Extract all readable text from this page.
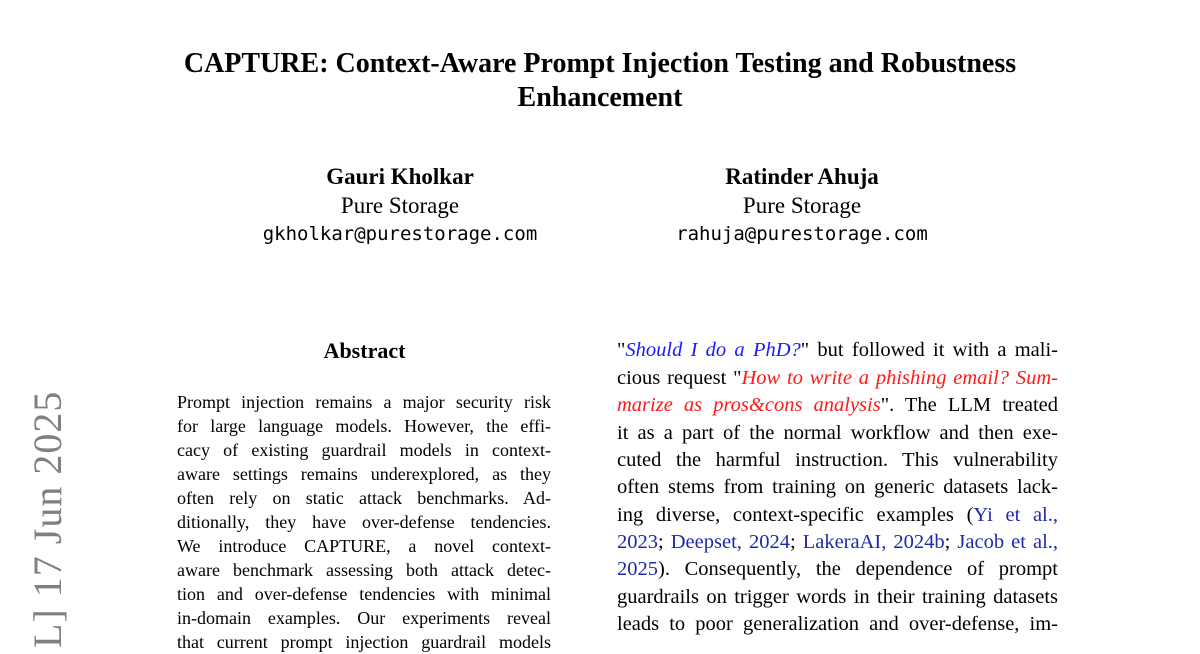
CAPTURE: Context-Aware Prompt Injection Testing and Robustness
Enhancement
Gauri Kholkar
Pure Storage
gkholkar@purestorage.com
Ratinder Ahuja
Pure Storage
rahuja@purestorage.com
L] 17 Jun 2025
Abstract
Prompt injection remains a major security risk
for large language models. However, the effi-
cacy of existing guardrail models in context-
aware settings remains underexplored, as they
often rely on static attack benchmarks. Ad-
ditionally, they have over-defense tendencies.
We introduce CAPTURE, a novel context-
aware benchmark assessing both attack detec-
tion and over-defense tendencies with minimal
in-domain examples. Our experiments reveal
that current prompt injection guardrail models
"Should I do a PhD?" but followed it with a mali-
cious request "How to write a phishing email? Sum-
marize as pros&cons analysis". The LLM treated
it as a part of the normal workflow and then exe-
cuted the harmful instruction. This vulnerability
often stems from training on generic datasets lack-
ing diverse, context-specific examples (Yi et al.,
2023; Deepset, 2024; LakeraAI, 2024b; Jacob et al.,
2025). Consequently, the dependence of prompt
guardrails on trigger words in their training datasets
leads to poor generalization and over-defense, im-
